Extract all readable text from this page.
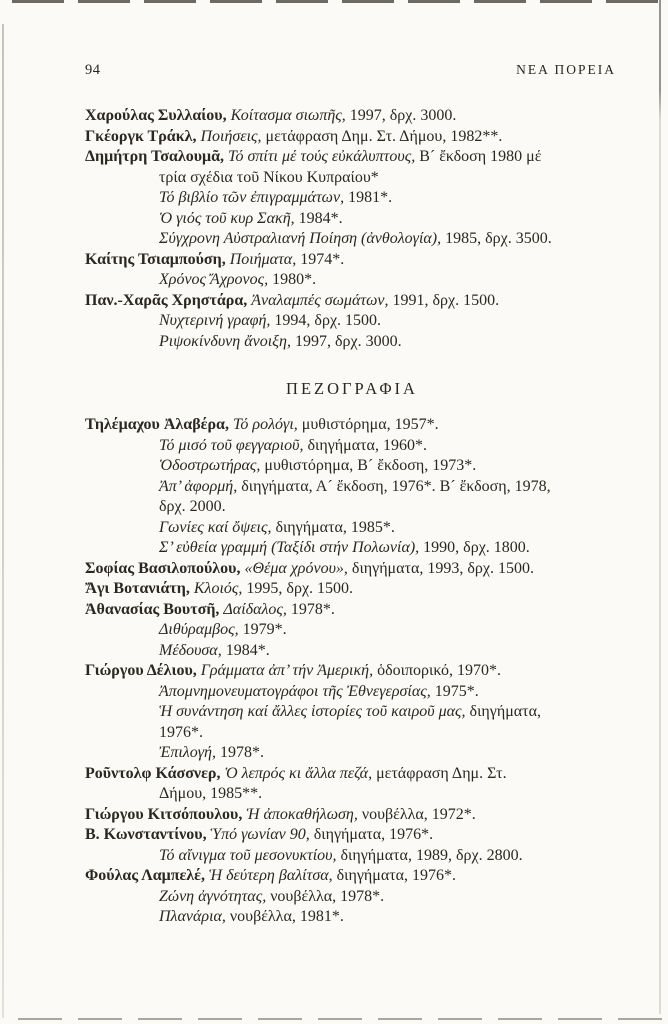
94	ΝΕΑ ΠΟΡΕΙΑ
Χαρούλας Συλλαίου, Κοίτασμα σιωπῆς, 1997, δρχ. 3000.
Γκέοργκ Τράκλ, Ποιήσεις, μετάφραση Δημ. Στ. Δήμου, 1982**.
Δημήτρη Τσαλουμᾶ, Τό σπίτι μέ τούς εὐκάλυπτους, Β´ ἔκδοση 1980 μέ
τρία σχέδια τοῦ Νίκου Κυπραίου*
Τό βιβλίο τῶν ἐπιγραμμάτων, 1981*.
Ὁ γιός τοῦ κυρ Σακῆ, 1984*.
Σύγχρονη Αὐστραλιανή Ποίηση (ἀνθολογία), 1985, δρχ. 3500.
Καίτης Τσιαμπούση, Ποιήματα, 1974*.
Χρόνος Ἄχρονος, 1980*.
Παν.-Χαρᾶς Χρηστάρα, Ἀναλαμπές σωμάτων, 1991, δρχ. 1500.
Νυχτερινή γραφή, 1994, δρχ. 1500.
Ριψοκίνδυνη ἄνοιξη, 1997, δρχ. 3000.
ΠΕΖΟΓΡΑΦΙΑ
Τηλέμαχου Ἀλαβέρα, Τό ρολόγι, μυθιστόρημα, 1957*.
Τό μισό τοῦ φεγγαριοῦ, διηγήματα, 1960*.
Ὁδοστρωτήρας, μυθιστόρημα, Β´ ἔκδοση, 1973*.
Ἀπ’ ἀφορμή, διηγήματα, Α´ ἔκδοση, 1976*. Β´ ἔκδοση, 1978,
δρχ. 2000.
Γωνίες καί ὄψεις, διηγήματα, 1985*.
Σ’ εὐθεία γραμμή (Ταξίδι στήν Πολωνία), 1990, δρχ. 1800.
Σοφίας Βασιλοπούλου, «Θέμα χρόνου», διηγήματα, 1993, δρχ. 1500.
Ἄγι Βοτανιάτη, Κλοιός, 1995, δρχ. 1500.
Ἀθανασίας Βουτσῆ, Δαίδαλος, 1978*.
Διθύραμβος, 1979*.
Μέδουσα, 1984*.
Γιώργου Δέλιου, Γράμματα ἀπ’ τήν Ἀμερική, ὁδοιπορικό, 1970*.
Ἀπομνημονευματογράφοι τῆς Ἐθνεγερσίας, 1975*.
Ἡ συνάντηση καί ἄλλες ἱστορίες τοῦ καιροῦ μας, διηγήματα,
1976*.
Ἐπιλογή, 1978*.
Ροῦντολφ Κάσσνερ, Ὁ λεπρός κι ἄλλα πεζά, μετάφραση Δημ. Στ.
Δήμου, 1985**.
Γιώργου Κιτσόπουλου, Ἡ ἀποκαθήλωση, νουβέλλα, 1972*.
Β. Κωνσταντίνου, Ὑπό γωνίαν 90, διηγήματα, 1976*.
Τό αἴνιγμα τοῦ μεσονυκτίου, διηγήματα, 1989, δρχ. 2800.
Φούλας Λαμπελέ, Ἡ δεύτερη βαλίτσα, διηγήματα, 1976*.
Ζώνη ἀγνότητας, νουβέλλα, 1978*.
Πλανάρια, νουβέλλα, 1981*.
